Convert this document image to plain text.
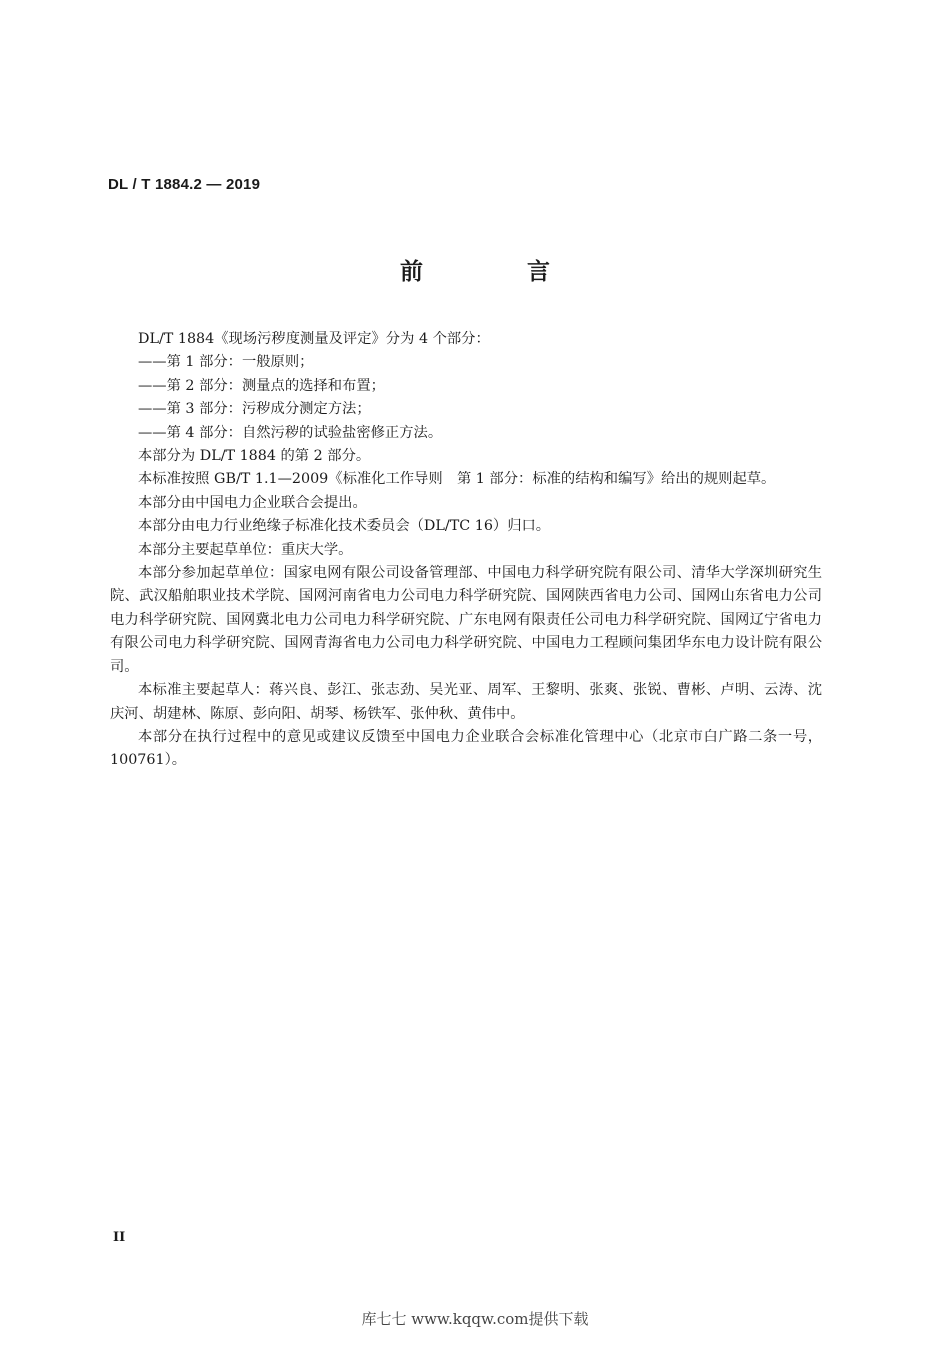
DL / T 1884.2 — 2019
前 言

DL/T 1884《现场污秽度测量及评定》分为 4 个部分：

——第 1 部分：一般原则；

——第 2 部分：测量点的选择和布置；

——第 3 部分：污秽成分测定方法；

——第 4 部分：自然污秽的试验盐密修正方法。

本部分为 DL/T 1884 的第 2 部分。

本标准按照 GB/T 1.1—2009《标准化工作导则　第 1 部分：标准的结构和编写》给出的规则起草。

本部分由中国电力企业联合会提出。

本部分由电力行业绝缘子标准化技术委员会（DL/TC 16）归口。

本部分主要起草单位：重庆大学。

本部分参加起草单位：国家电网有限公司设备管理部、中国电力科学研究院有限公司、清华大学深圳研究生院、武汉船舶职业技术学院、国网河南省电力公司电力科学研究院、国网陕西省电力公司、国网山东省电力公司电力科学研究院、国网冀北电力公司电力科学研究院、广东电网有限责任公司电力科学研究院、国网辽宁省电力有限公司电力科学研究院、国网青海省电力公司电力科学研究院、中国电力工程顾问集团华东电力设计院有限公司。

本标准主要起草人：蒋兴良、彭江、张志劲、吴光亚、周军、王黎明、张爽、张锐、曹彬、卢明、云涛、沈庆河、胡建林、陈原、彭向阳、胡琴、杨铁军、张仲秋、黄伟中。

本部分在执行过程中的意见或建议反馈至中国电力企业联合会标准化管理中心（北京市白广路二条一号，100761）。

II
库七七 www.kqqw.com提供下载
